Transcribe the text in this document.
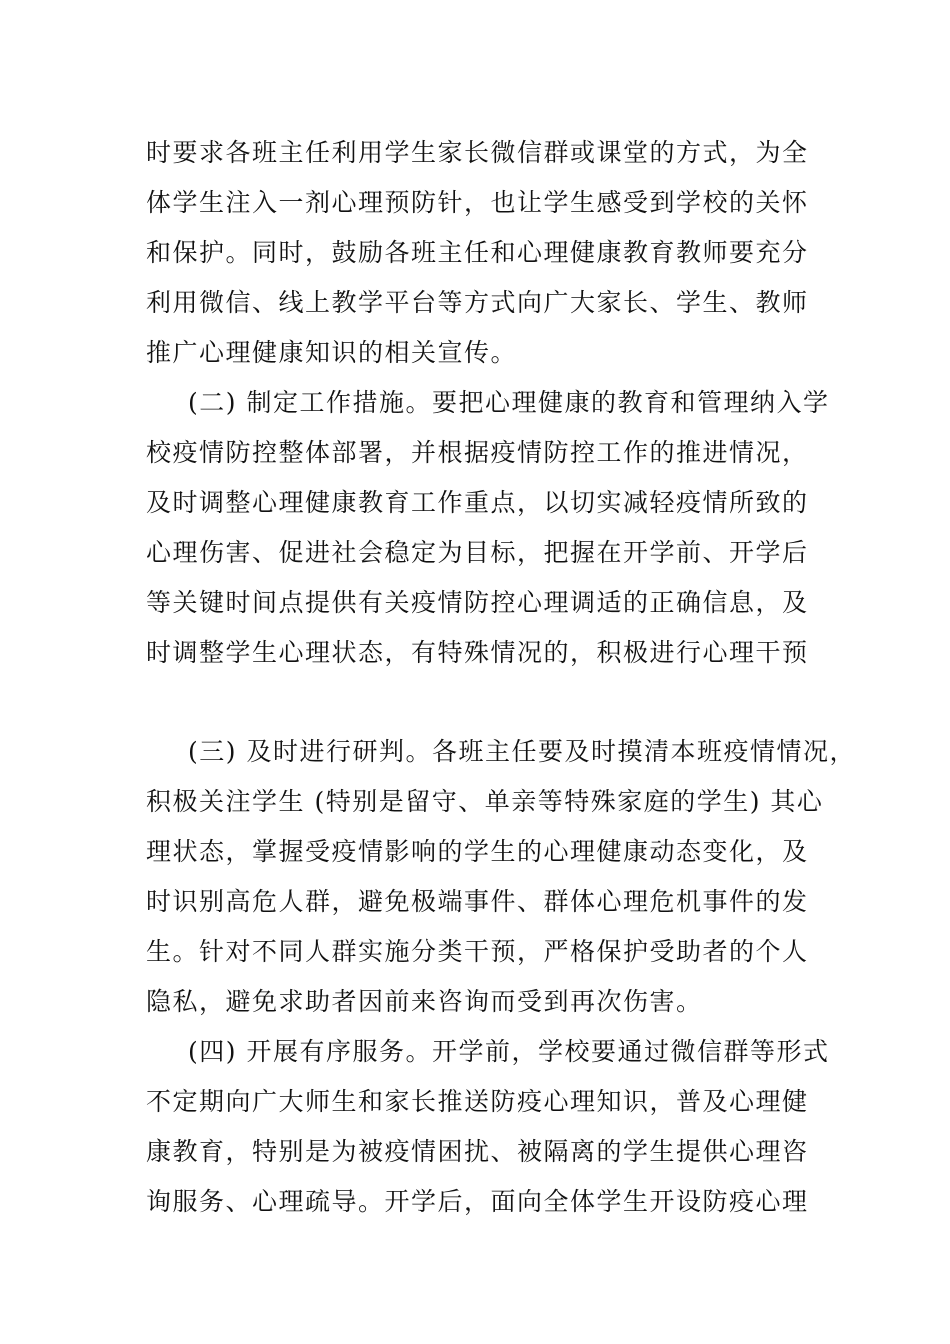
时要求各班主任利用学生家长微信群或课堂的方式，为全
体学生注入一剂心理预防针，也让学生感受到学校的关怀
和保护。同时，鼓励各班主任和心理健康教育教师要充分
利用微信、线上教学平台等方式向广大家长、学生、教师
推广心理健康知识的相关宣传。
(二) 制定工作措施。要把心理健康的教育和管理纳入学
校疫情防控整体部署，并根据疫情防控工作的推进情况，
及时调整心理健康教育工作重点，以切实减轻疫情所致的
心理伤害、促进社会稳定为目标，把握在开学前、开学后
等关键时间点提供有关疫情防控心理调适的正确信息，及
时调整学生心理状态，有特殊情况的，积极进行心理干预
(三) 及时进行研判。各班主任要及时摸清本班疫情情况，
积极关注学生 (特别是留守、单亲等特殊家庭的学生) 其心
理状态，掌握受疫情影响的学生的心理健康动态变化，及
时识别高危人群，避免极端事件、群体心理危机事件的发
生。针对不同人群实施分类干预，严格保护受助者的个人
隐私，避免求助者因前来咨询而受到再次伤害。
(四) 开展有序服务。开学前，学校要通过微信群等形式
不定期向广大师生和家长推送防疫心理知识，普及心理健
康教育，特别是为被疫情困扰、被隔离的学生提供心理咨
询服务、心理疏导。开学后，面向全体学生开设防疫心理
